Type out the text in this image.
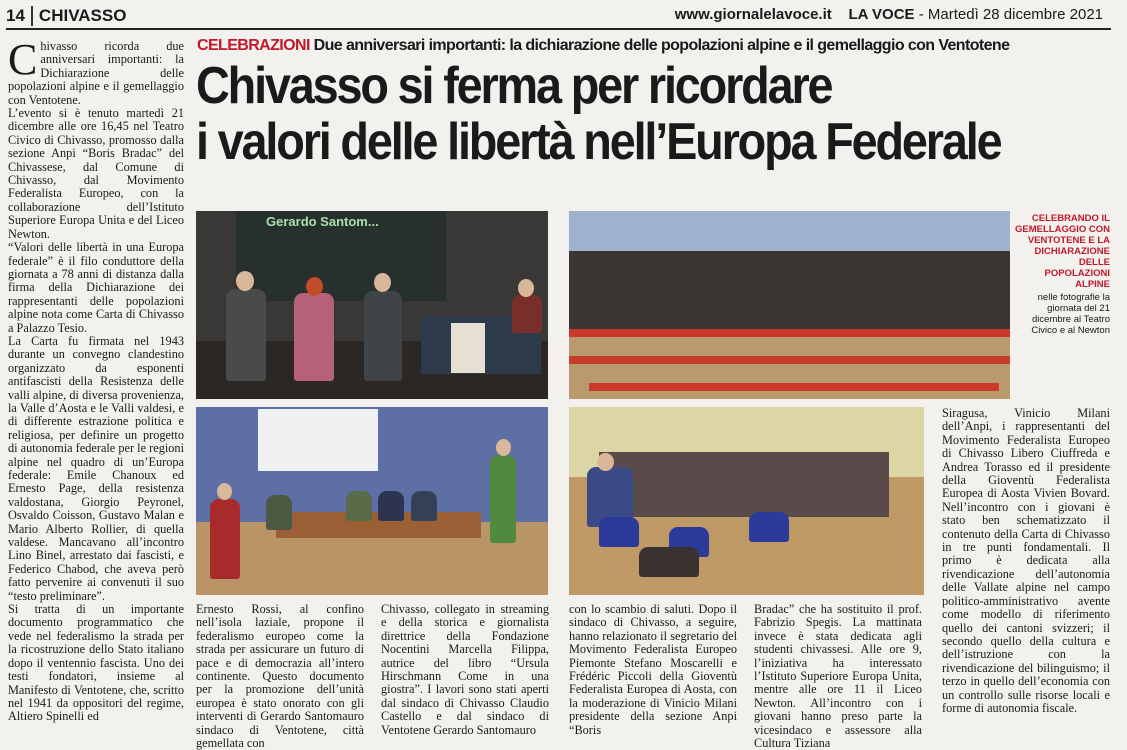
14 CHIVASSO	www.giornalelavoce.it LA VOCE - Martedì 28 dicembre 2021
C hivasso ricorda due anniversari importanti: la Dichiarazione delle popolazioni alpine e il gemellaggio con Ventotene.

L’evento si è tenuto martedì 21 dicembre alle ore 16,45 nel Teatro Civico di Chivasso, promosso dalla sezione Anpi “Boris Bradac” del Chivassese, dal Comune di Chivasso, dal Movimento Federalista Europeo, con la collaborazione dell’Istituto Superiore Europa Unita e del Liceo Newton.

“Valori delle libertà in una Europa federale” è il filo conduttore della giornata a 78 anni di distanza dalla firma della Dichiarazione dei rappresentanti delle popolazioni alpine nota come Carta di Chivasso a Palazzo Tesio.

La Carta fu firmata nel 1943 durante un convegno clandestino organizzato da esponenti antifascisti della Resistenza delle valli alpine, di diversa provenienza, la Valle d’Aosta e le Valli valdesi, e di differente estrazione politica e religiosa, per definire un progetto di autonomia federale per le regioni alpine nel quadro di un’Europa federale: Emile Chanoux ed Ernesto Page, della resistenza valdostana, Giorgio Peyronel, Osvaldo Coisson, Gustavo Malan e Mario Alberto Rollier, di quella valdese. Mancavano all’incontro Lino Binel, arrestato dai fascisti, e Federico Chabod, che aveva però fatto pervenire ai convenuti il suo “testo preliminare”.

Si tratta di un importante documento programmatico che vede nel federalismo la strada per la ricostruzione dello Stato italiano dopo il ventennio fascista. Uno dei testi fondatori, insieme al Manifesto di Ventotene, che, scritto nel 1941 da oppositori del regime, Altiero Spinelli ed

CELEBRAZIONI Due anniversari importanti: la dichiarazione delle popolazioni alpine e il gemellaggio con Ventotene
Chivasso si ferma per ricordare
i valori delle libertà nell’Europa Federale
Gerardo Santom...	CELEBRANDO IL GEMELLAGGIO CON VENTOTENE E LA DICHIARAZIONE DELLE POPOLAZIONI ALPINE
nelle fotografie la giornata del 21 dicembre al Teatro Civico e al Newton

Ernesto Rossi, al confino nell’isola laziale, propone il federalismo europeo come la strada per assicurare un futuro di pace e di democrazia all’intero continente. Questo documento per la promozione dell’unità europea è stato onorato con gli interventi di Gerardo Santomauro sindaco di Ventotene, città gemellata con

Chivasso, collegato in streaming e della storica e giornalista direttrice della Fondazione Nocentini Marcella Filippa, autrice del libro “Ursula Hirschmann Come in una giostra”. I lavori sono stati aperti dal sindaco di Chivasso Claudio Castello e dal sindaco di Ventotene Gerardo Santomauro

con lo scambio di saluti. Dopo il sindaco di Chivasso, a seguire, hanno relazionato il segretario del Movimento Federalista Europeo Piemonte Stefano Moscarelli e Frédéric Piccoli della Gioventù Federalista Europea di Aosta, con la moderazione di Vinicio Milani presidente della sezione Anpi “Boris

Bradac” che ha sostituito il prof. Fabrizio Spegis. La mattinata invece è stata dedicata agli studenti chivassesi. Alle ore 9, l’iniziativa ha interessato l’Istituto Superiore Europa Unita, mentre alle ore 11 il Liceo Newton. All’incontro con i giovani hanno preso parte la vicesindaco e assessore alla Cultura Tiziana

Siragusa, Vinicio Milani dell’Anpi, i rappresentanti del Movimento Federalista Europeo di Chivasso Libero Ciuffreda e Andrea Torasso ed il presidente della Gioventù Federalista Europea di Aosta Vivien Bovard. Nell’incontro con i giovani è stato ben schematizzato il contenuto della Carta di Chivasso in tre punti fondamentali. Il primo è dedicata alla rivendicazione dell’autonomia delle Vallate alpine nel campo politico-amministrativo avente come modello di riferimento quello dei cantoni svizzeri; il secondo quello della cultura e dell’istruzione con la rivendicazione del bilinguismo; il terzo in quello dell’economia con un controllo sulle risorse locali e forme di autonomia fiscale.
